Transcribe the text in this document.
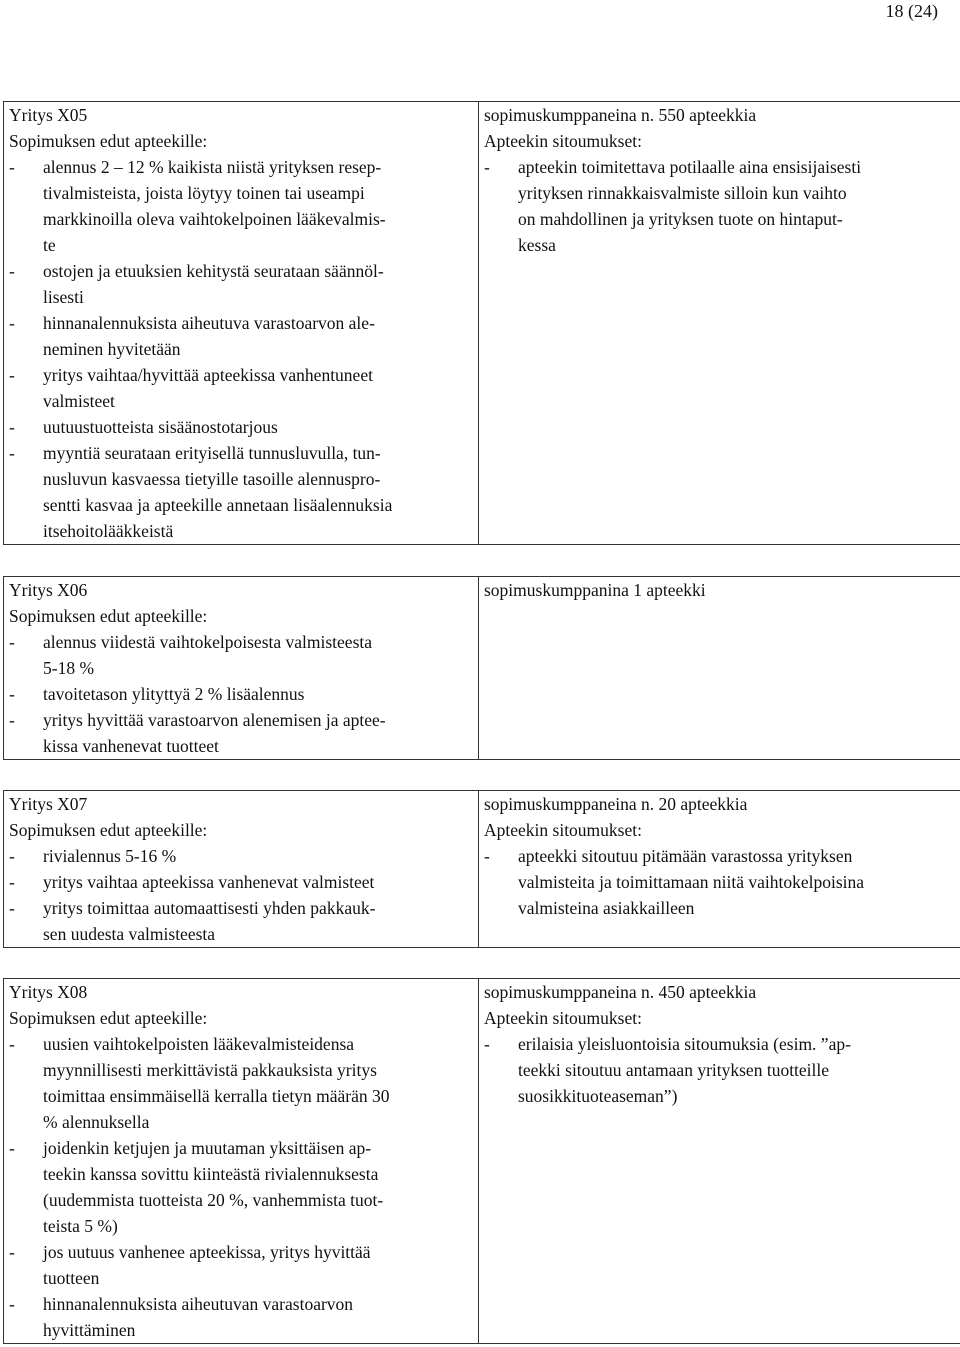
18 (24)
Yritys X05
Sopimuksen edut apteekille:
-	alennus 2 – 12 % kaikista niistä yrityksen resep-
tivalmisteista, joista löytyy toinen tai useampi
markkinoilla oleva vaihtokelpoinen lääkevalmis-
te
-	ostojen ja etuuksien kehitystä seurataan säännöl-
lisesti
-	hinnanalennuksista aiheutuva varastoarvon ale-
neminen hyvitetään
-	yritys vaihtaa/hyvittää apteekissa vanhentuneet
valmisteet
-	uutuustuotteista sisäänostotarjous
-	myyntiä seurataan erityisellä tunnusluvulla, tun-
nusluvun kasvaessa tietyille tasoille alennuspro-
sentti kasvaa ja apteekille annetaan lisäalennuksia
itsehoitolääkkeistä

sopimuskumppaneina n. 550 apteekkia
Apteekin sitoumukset:
-	apteekin toimitettava potilaalle aina ensisijaisesti
yrityksen rinnakkaisvalmiste silloin kun vaihto
on mahdollinen ja yrityksen tuote on hintaput-
kessa
Yritys X06
Sopimuksen edut apteekille:
-	alennus viidestä vaihtokelpoisesta valmisteesta
5-18 %
-	tavoitetason ylityttyä 2 % lisäalennus
-	yritys hyvittää varastoarvon alenemisen ja aptee-
kissa vanhenevat tuotteet

sopimuskumppanina 1 apteekki
Yritys X07
Sopimuksen edut apteekille:
-	rivialennus 5-16 %
-	yritys vaihtaa apteekissa vanhenevat valmisteet
-	yritys toimittaa automaattisesti yhden pakkauk-
sen uudesta valmisteesta

sopimuskumppaneina n. 20 apteekkia
Apteekin sitoumukset:
-	apteekki sitoutuu pitämään varastossa yrityksen
valmisteita ja toimittamaan niitä vaihtokelpoisina
valmisteina asiakkailleen
Yritys X08
Sopimuksen edut apteekille:
-	uusien vaihtokelpoisten lääkevalmisteidensa
myynnillisesti merkittävistä pakkauksista yritys
toimittaa ensimmäisellä kerralla tietyn määrän 30
% alennuksella
-	joidenkin ketjujen ja muutaman yksittäisen ap-
teekin kanssa sovittu kiinteästä rivialennuksesta
(uudemmista tuotteista 20 %, vanhemmista tuot-
teista 5 %)
-	jos uutuus vanhenee apteekissa, yritys hyvittää
tuotteen
-	hinnanalennuksista aiheutuvan varastoarvon
hyvittäminen

sopimuskumppaneina n. 450 apteekkia
Apteekin sitoumukset:
-	erilaisia yleisluontoisia sitoumuksia (esim. ”ap-
teekki sitoutuu antamaan yrityksen tuotteille
suosikkituoteaseman”)
